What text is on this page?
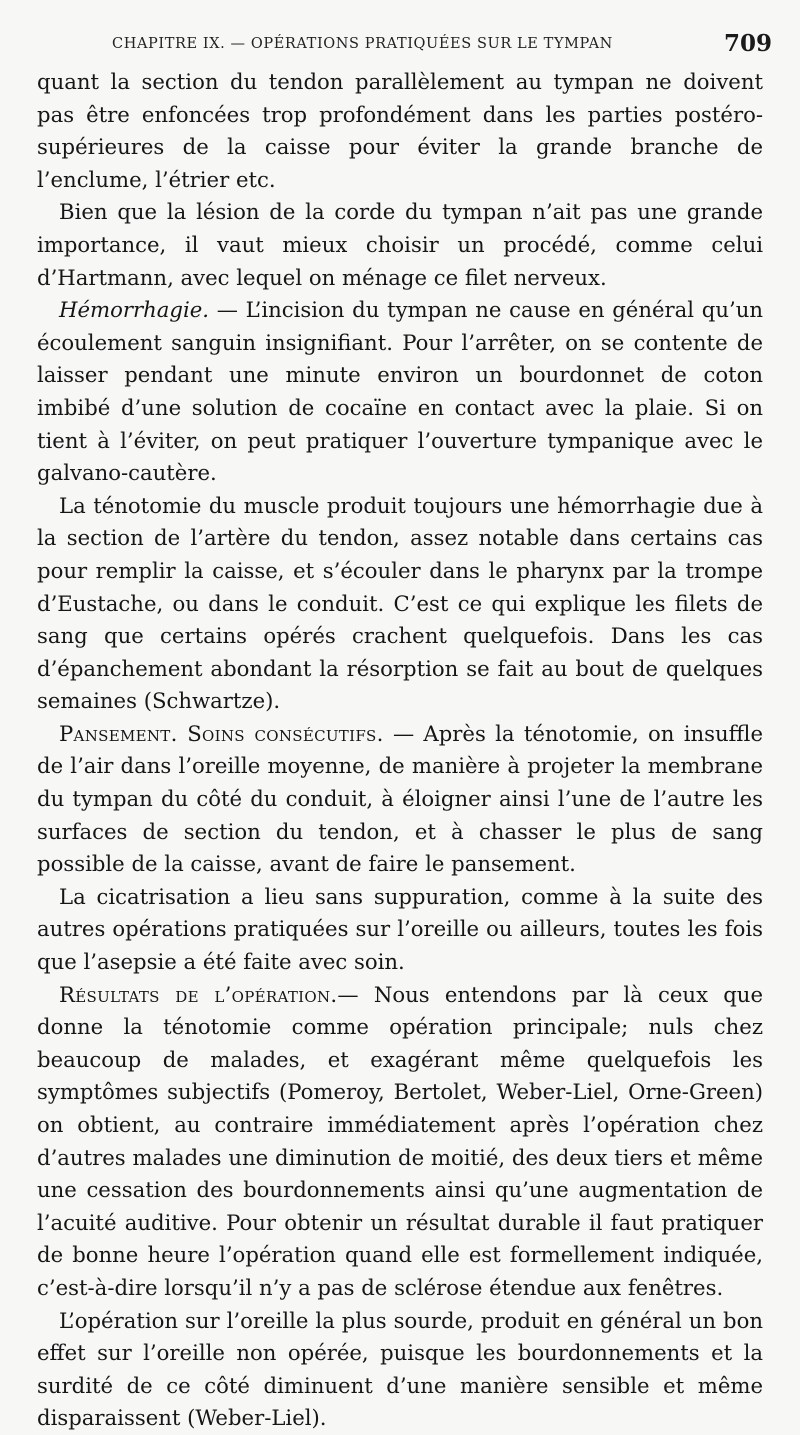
CHAPITRE IX. — OPÉRATIONS PRATIQUÉES SUR LE TYMPAN	709

quant la section du tendon parallèlement au tympan ne doivent pas être enfoncées trop profondément dans les parties postéro-supérieures de la caisse pour éviter la grande branche de l’enclume, l’étrier etc.

Bien que la lésion de la corde du tympan n’ait pas une grande importance, il vaut mieux choisir un procédé, comme celui d’Hartmann, avec lequel on ménage ce filet nerveux.

Hémorrhagie. — L’incision du tympan ne cause en général qu’un écoulement sanguin insignifiant. Pour l’arrêter, on se contente de laisser pendant une minute environ un bourdonnet de coton imbibé d’une solution de cocaïne en contact avec la plaie. Si on tient à l’éviter, on peut pratiquer l’ouverture tympanique avec le galvano-cautère.

La ténotomie du muscle produit toujours une hémorrhagie due à la section de l’artère du tendon, assez notable dans certains cas pour remplir la caisse, et s’écouler dans le pharynx par la trompe d’Eustache, ou dans le conduit. C’est ce qui explique les filets de sang que certains opérés crachent quelquefois. Dans les cas d’épanchement abondant la résorption se fait au bout de quelques semaines (Schwartze).

Pansement. Soins consécutifs. — Après la ténotomie, on insuffle de l’air dans l’oreille moyenne, de manière à projeter la membrane du tympan du côté du conduit, à éloigner ainsi l’une de l’autre les surfaces de section du tendon, et à chasser le plus de sang possible de la caisse, avant de faire le pansement.

La cicatrisation a lieu sans suppuration, comme à la suite des autres opérations pratiquées sur l’oreille ou ailleurs, toutes les fois que l’asepsie a été faite avec soin.

Résultats de l’opération.— Nous entendons par là ceux que donne la ténotomie comme opération principale; nuls chez beaucoup de malades, et exagérant même quelquefois les symptômes subjectifs (Pomeroy, Bertolet, Weber-Liel, Orne-Green) on obtient, au contraire immédiatement après l’opération chez d’autres malades une diminution de moitié, des deux tiers et même une cessation des bourdonnements ainsi qu’une augmentation de l’acuité auditive. Pour obtenir un résultat durable il faut pratiquer de bonne heure l’opération quand elle est formellement indiquée, c’est-à-dire lorsqu’il n’y a pas de sclérose étendue aux fenêtres.

L’opération sur l’oreille la plus sourde, produit en général un bon effet sur l’oreille non opérée, puisque les bourdonnements et la surdité de ce côté diminuent d’une manière sensible et même disparaissent (Weber-Liel).
